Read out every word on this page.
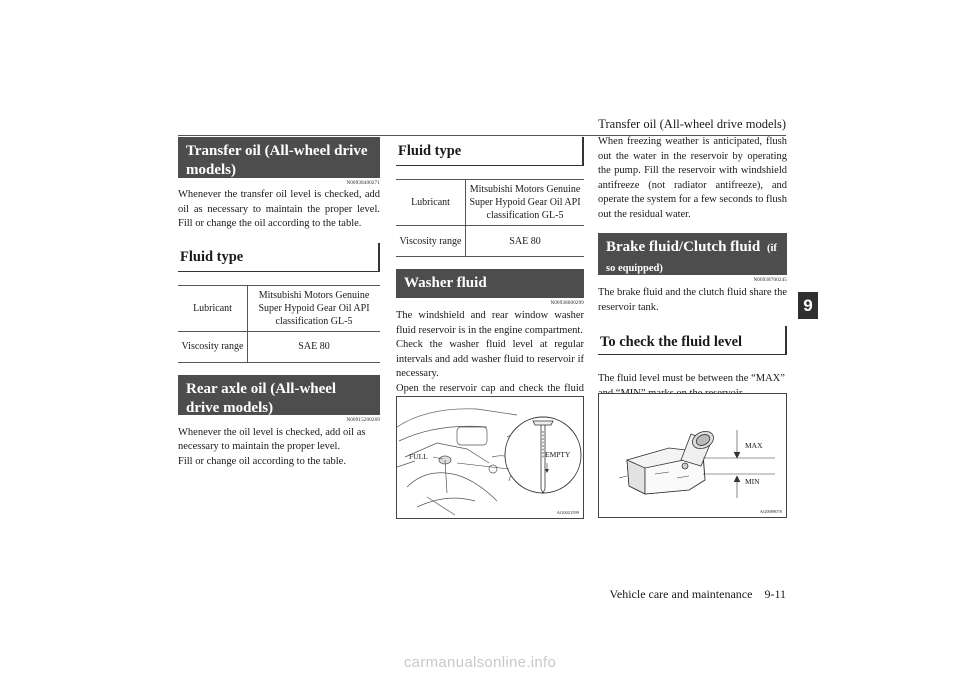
Transfer oil (All-wheel drive models)
9
Transfer oil (All-wheel drive models)
N00938400271

Whenever the transfer oil level is checked, add oil as necessary to maintain the proper level. Fill or change the oil according to the table.

Fluid type
Lubricant	Mitsubishi Motors Genuine Super Hypoid Gear Oil API classification GL-5
Viscosity range	SAE 80
Rear axle oil (All-wheel drive models)
N00915200269

Whenever the oil level is checked, add oil as necessary to maintain the proper level.

Fill or change oil according to the table.

Fluid type
Lubricant	Mitsubishi Motors Genuine Super Hypoid Gear Oil API classification GL-5
Viscosity range	SAE 80
Washer fluid
N00938600299

The windshield and rear window washer fluid reservoir is in the engine compartment.

Check the washer fluid level at regular intervals and add washer fluid to reservoir if necessary.

Open the reservoir cap and check the fluid

FULL	EMPTY
AG0021599

When freezing weather is anticipated, flush out the water in the reservoir by operating the pump. Fill the reservoir with windshield antifreeze (not radiator antifreeze), and operate the system for a few seconds to flush out the residual water.

Brake fluid/Clutch fluid (if
so equipped)
N00938700245

The brake fluid and the clutch fluid share the reservoir tank.

To check the fluid level

The fluid level must be between the “MAX”

MAX
MIN
AG0009070
Vehicle care and maintenance    9-11
carmanualsonline.info
